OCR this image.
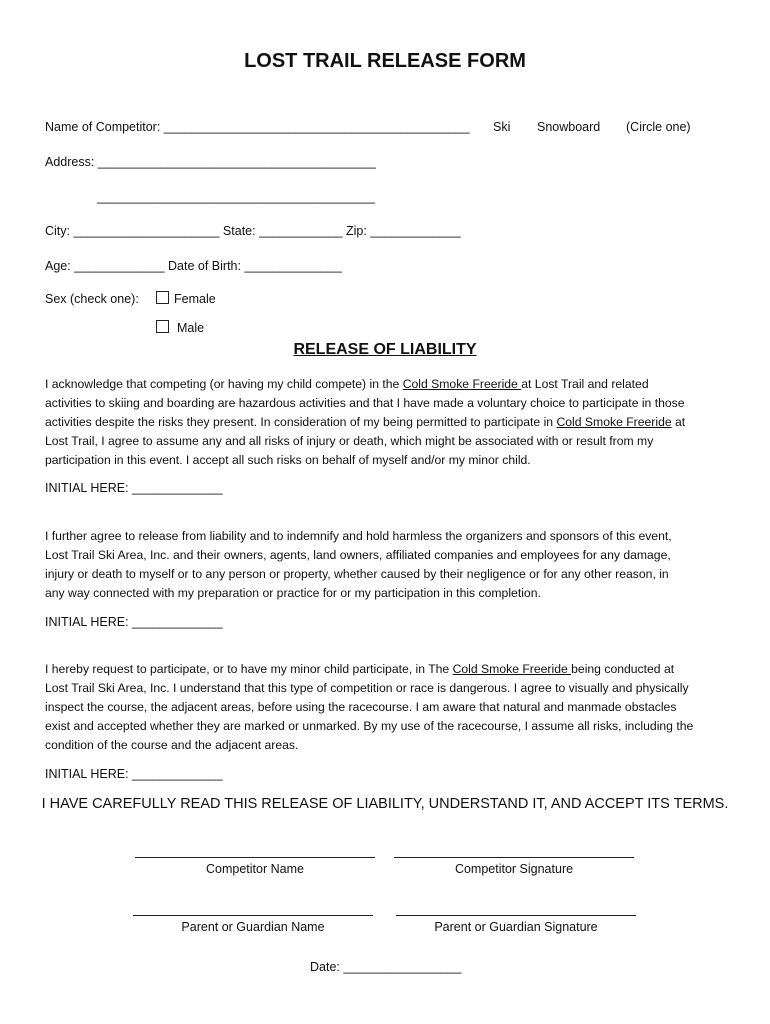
LOST TRAIL RELEASE FORM
Name of Competitor: ____________________________________________ Ski Snowboard (Circle one)
Address: ________________________________________
________________________________________
City: _____________________ State: ____________ Zip: _____________
Age: _____________ Date of Birth: ______________
Sex (check one):	Female
Male
RELEASE OF LIABILITY
I acknowledge that competing (or having my child compete) in the Cold Smoke Freeride at Lost Trail and related
activities to skiing and boarding are hazardous activities and that I have made a voluntary choice to participate in those
activities despite the risks they present. In consideration of my being permitted to participate in Cold Smoke Freeride at
Lost Trail, I agree to assume any and all risks of injury or death, which might be associated with or result from my
participation in this event. I accept all such risks on behalf of myself and/or my minor child.
INITIAL HERE: _____________
I further agree to release from liability and to indemnify and hold harmless the organizers and sponsors of this event,
Lost Trail Ski Area, Inc. and their owners, agents, land owners, affiliated companies and employees for any damage,
injury or death to myself or to any person or property, whether caused by their negligence or for any other reason, in
any way connected with my preparation or practice for or my participation in this completion.
INITIAL HERE: _____________
I hereby request to participate, or to have my minor child participate, in The Cold Smoke Freeride being conducted at
Lost Trail Ski Area, Inc. I understand that this type of competition or race is dangerous. I agree to visually and physically
inspect the course, the adjacent areas, before using the racecourse. I am aware that natural and manmade obstacles
exist and accepted whether they are marked or unmarked. By my use of the racecourse, I assume all risks, including the
condition of the course and the adjacent areas.
INITIAL HERE: _____________
I HAVE CAREFULLY READ THIS RELEASE OF LIABILITY, UNDERSTAND IT, AND ACCEPT ITS TERMS.
Competitor Name	Competitor Signature
Parent or Guardian Name	Parent or Guardian Signature
Date: _________________
